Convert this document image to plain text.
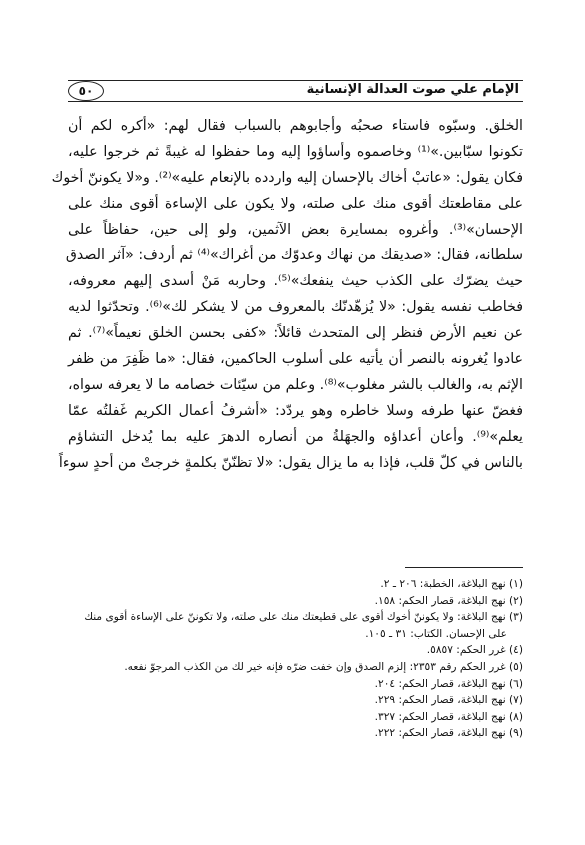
٥٠	الإمام علي صوت العدالة الإنسانية
الخلق. وسبّوه فاستاء صحبُه وأجابوهم بالسباب فقال لهم: «أكره لكم أن
تكونوا سبّابين.»⁽¹⁾ وخاصموه وأساؤوا إليه وما حفظوا له غيبةً ثم خرجوا عليه،
فكان يقول: «عاتبْ أخاك بالإحسان إليه واردده بالإنعام عليه»⁽²⁾. و«لا يكوننّ أخوك
على مقاطعتك أقوى منك على صلته، ولا يكون على الإساءة أقوى منك على
الإحسان»⁽³⁾. وأغروه بمسايرة بعض الآثمين، ولو إلى حين، حفاظاً على
سلطانه، فقال: «صديقك من نهاك وعدوّك من أغراك»⁽⁴⁾ ثم أردف: «آثر الصدق
حيث يضرّك على الكذب حيث ينفعك»⁽⁵⁾. وحاربه مَنْ أسدى إليهم معروفه،
فخاطب نفسه يقول: «لا يُزهّدنّك بالمعروف من لا يشكر لك»⁽⁶⁾. وتحدّثوا لديه
عن نعيم الأرض فنظر إلى المتحدث قائلاً: «كفى بحسن الخلق نعيماً»⁽⁷⁾. ثم
عادوا يُغرونه بالنصر أن يأتيه على أسلوب الحاكمين، فقال: «ما ظَفِرَ من ظفر
الإثم به، والغالب بالشر مغلوب»⁽⁸⁾. وعلم من سيّئات خصامه ما لا يعرفه سواه،
فغضّ عنها طرفه وسلا خاطره وهو يردّد: «أشرفُ أعمال الكريم غَفلتُه عمّا
يعلم»⁽⁹⁾. وأعان أعداؤه والجهَلةُ من أنصاره الدهرَ عليه بما يُدخل التشاؤم
بالناس في كلّ قلب، فإذا به ما يزال يقول: «لا تظنّنّ بكلمةٍ خرجتْ من أحدٍ سوءاً
(١) نهج البلاغة، الخطبة: ٢٠٦ ـ ٢.
(٢) نهج البلاغة، قصار الحكم: ١٥٨.
(٣) نهج البلاغة: ولا يكوننّ أخوك أقوى على قطيعتك منك على صلته، ولا تكوننّ على الإساءة أقوى منك
على الإحسان. الكتاب: ٣١ ـ ١٠٥.
(٤) غرر الحكم: ٥٨٥٧.
(٥) غرر الحكم رقم ٢٣٥٣: إلزم الصدق وإن خفت ضرّه فإنه خير لك من الكذب المرجوّ نفعه.
(٦) نهج البلاغة، قصار الحكم: ٢٠٤.
(٧) نهج البلاغة، قصار الحكم: ٢٢٩.
(٨) نهج البلاغة، قصار الحكم: ٣٢٧.
(٩) نهج البلاغة، قصار الحكم: ٢٢٢.
